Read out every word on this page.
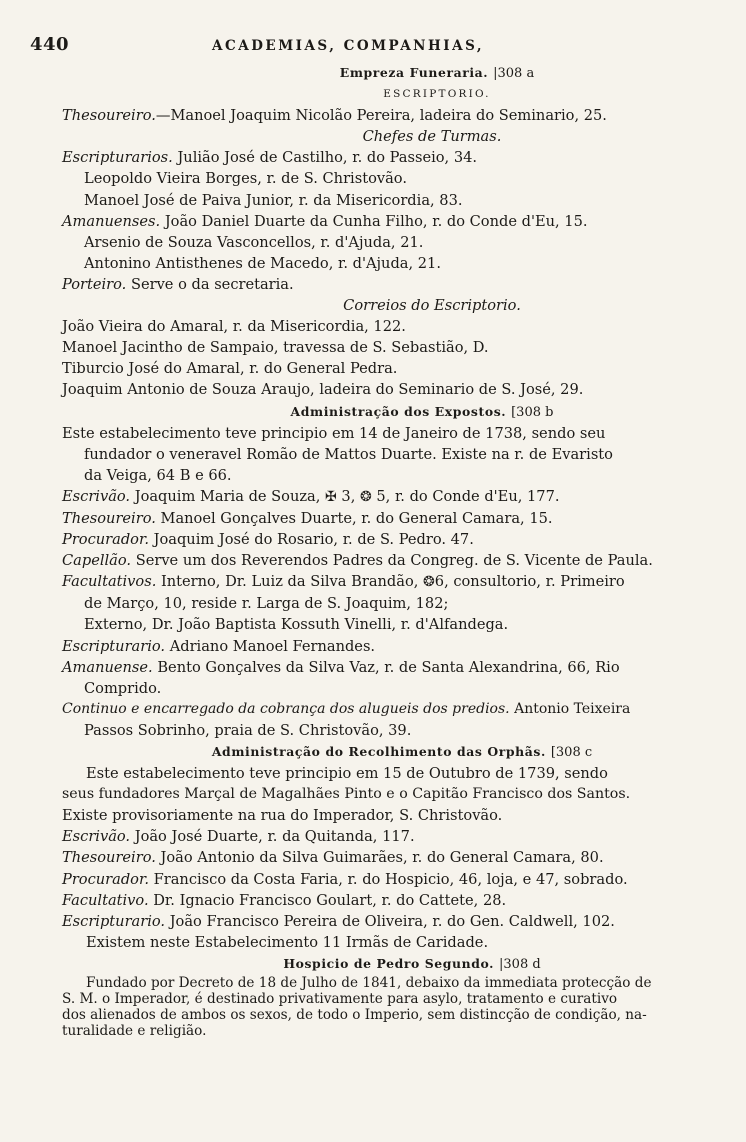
440	ACADEMIAS, COMPANHIAS,
Empreza Funeraria. |308 a
ESCRIPTORIO.
Thesoureiro.—Manoel Joaquim Nicolão Pereira, ladeira do Seminario, 25.
Chefes de Turmas.
Escripturarios. Julião José de Castilho, r. do Passeio, 34.
Leopoldo Vieira Borges, r. de S. Christovão.
Manoel José de Paiva Junior, r. da Misericordia, 83.
Amanuenses. João Daniel Duarte da Cunha Filho, r. do Conde d'Eu, 15.
Arsenio de Souza Vasconcellos, r. d'Ajuda, 21.
Antonino Antisthenes de Macedo, r. d'Ajuda, 21.
Porteiro. Serve o da secretaria.
Correios do Escriptorio.
João Vieira do Amaral, r. da Misericordia, 122.
Manoel Jacintho de Sampaio, travessa de S. Sebastião, D.
Tiburcio José do Amaral, r. do General Pedra.
Joaquim Antonio de Souza Araujo, ladeira do Seminario de S. José, 29.
Administração dos Expostos. [308 b
Este estabelecimento teve principio em 14 de Janeiro de 1738, sendo seu
fundador o veneravel Romão de Mattos Duarte. Existe na r. de Evaristo
da Veiga, 64 B e 66.
Escrivão. Joaquim Maria de Souza, ✠ 3, ❂ 5, r. do Conde d'Eu, 177.
Thesoureiro. Manoel Gonçalves Duarte, r. do General Camara, 15.
Procurador. Joaquim José do Rosario, r. de S. Pedro. 47.
Capellão. Serve um dos Reverendos Padres da Congreg. de S. Vicente de Paula.
Facultativos. Interno, Dr. Luiz da Silva Brandão, ❂6, consultorio, r. Primeiro
de Março, 10, reside r. Larga de S. Joaquim, 182;
Externo, Dr. João Baptista Kossuth Vinelli, r. d'Alfandega.
Escripturario. Adriano Manoel Fernandes.
Amanuense. Bento Gonçalves da Silva Vaz, r. de Santa Alexandrina, 66, Rio
Comprido.
Continuo e encarregado da cobrança dos alugueis dos predios. Antonio Teixeira
Passos Sobrinho, praia de S. Christovão, 39.
Administração do Recolhimento das Orphãs. [308 c
Este estabelecimento teve principio em 15 de Outubro de 1739, sendo
seus fundadores Marçal de Magalhães Pinto e o Capitão Francisco dos Santos.
Existe provisoriamente na rua do Imperador, S. Christovão.
Escrivão. João José Duarte, r. da Quitanda, 117.
Thesoureiro. João Antonio da Silva Guimarães, r. do General Camara, 80.
Procurador. Francisco da Costa Faria, r. do Hospicio, 46, loja, e 47, sobrado.
Facultativo. Dr. Ignacio Francisco Goulart, r. do Cattete, 28.
Escripturario. João Francisco Pereira de Oliveira, r. do Gen. Caldwell, 102.
Existem neste Estabelecimento 11 Irmãs de Caridade.
Hospicio de Pedro Segundo. |308 d
Fundado por Decreto de 18 de Julho de 1841, debaixo da immediata protecção de
S. M. o Imperador, é destinado privativamente para asylo, tratamento e curativo
dos alienados de ambos os sexos, de todo o Imperio, sem distincção de condição, na-
turalidade e religião.
